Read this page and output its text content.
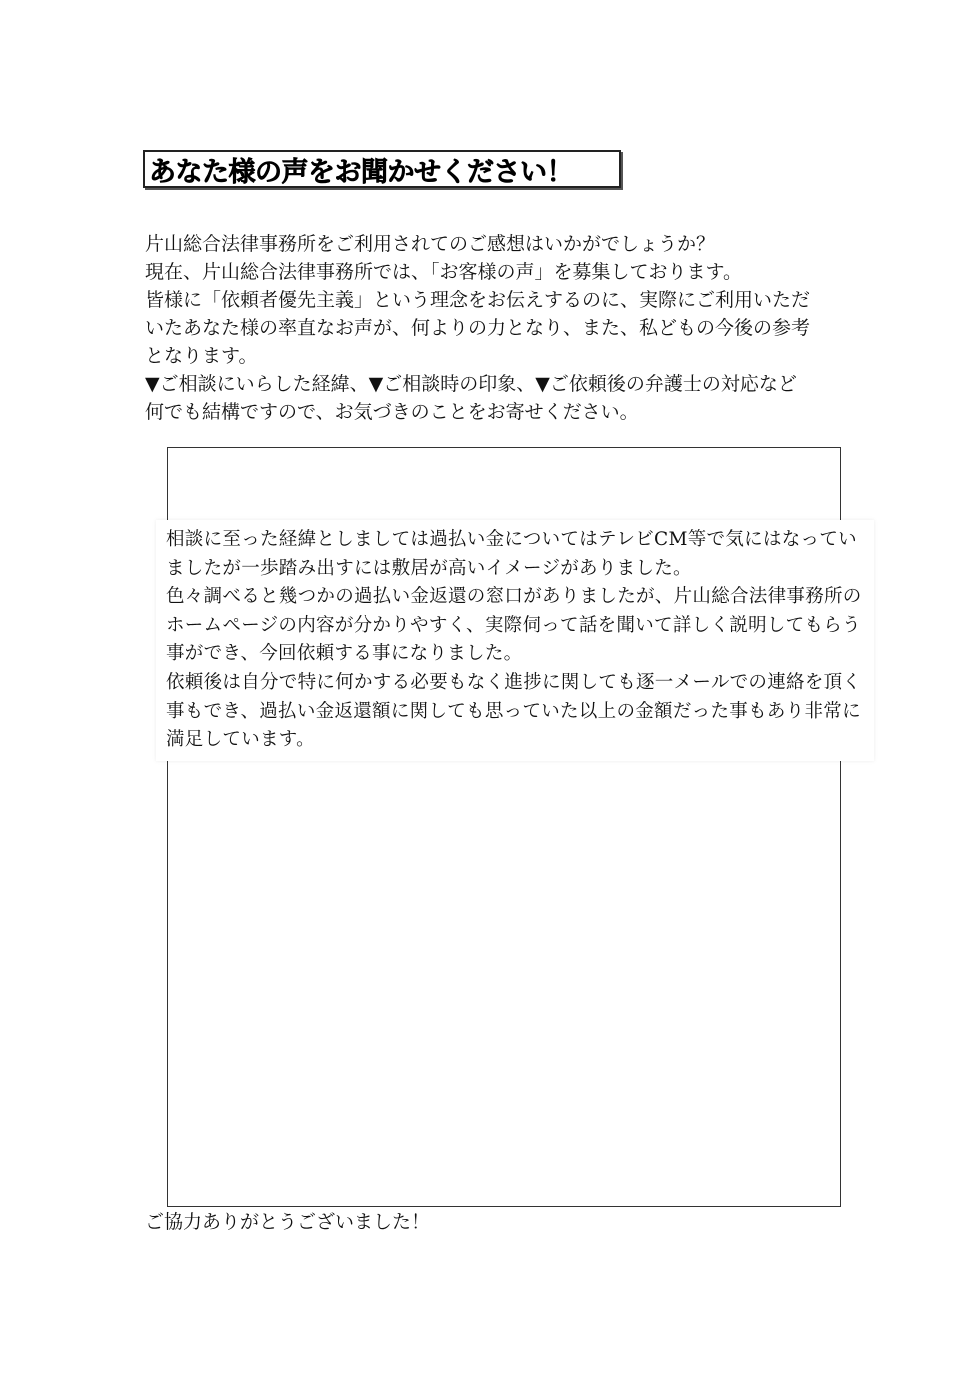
あなた様の声をお聞かせください！

片山総合法律事務所をご利用されてのご感想はいかがでしょうか？

現在、片山総合法律事務所では、「お客様の声」を募集しております。

皆様に「依頼者優先主義」という理念をお伝えするのに、実際にご利用いただ

いたあなた様の率直なお声が、何よりの力となり、また、私どもの今後の参考

となります。

▼ご相談にいらした経緯、▼ご相談時の印象、▼ご依頼後の弁護士の対応など

何でも結構ですので、お気づきのことをお寄せください。

相談に至った経緯としましては過払い金についてはテレビCM等で気にはなっていましたが一歩踏み出すには敷居が高いイメージがありました。

色々調べると幾つかの過払い金返還の窓口がありましたが、片山総合法律事務所のホームページの内容が分かりやすく、実際伺って話を聞いて詳しく説明してもらう事ができ、今回依頼する事になりました。

依頼後は自分で特に何かする必要もなく進捗に関しても逐一メールでの連絡を頂く事もでき、過払い金返還額に関しても思っていた以上の金額だった事もあり非常に満足しています。

ご協力ありがとうございました！
